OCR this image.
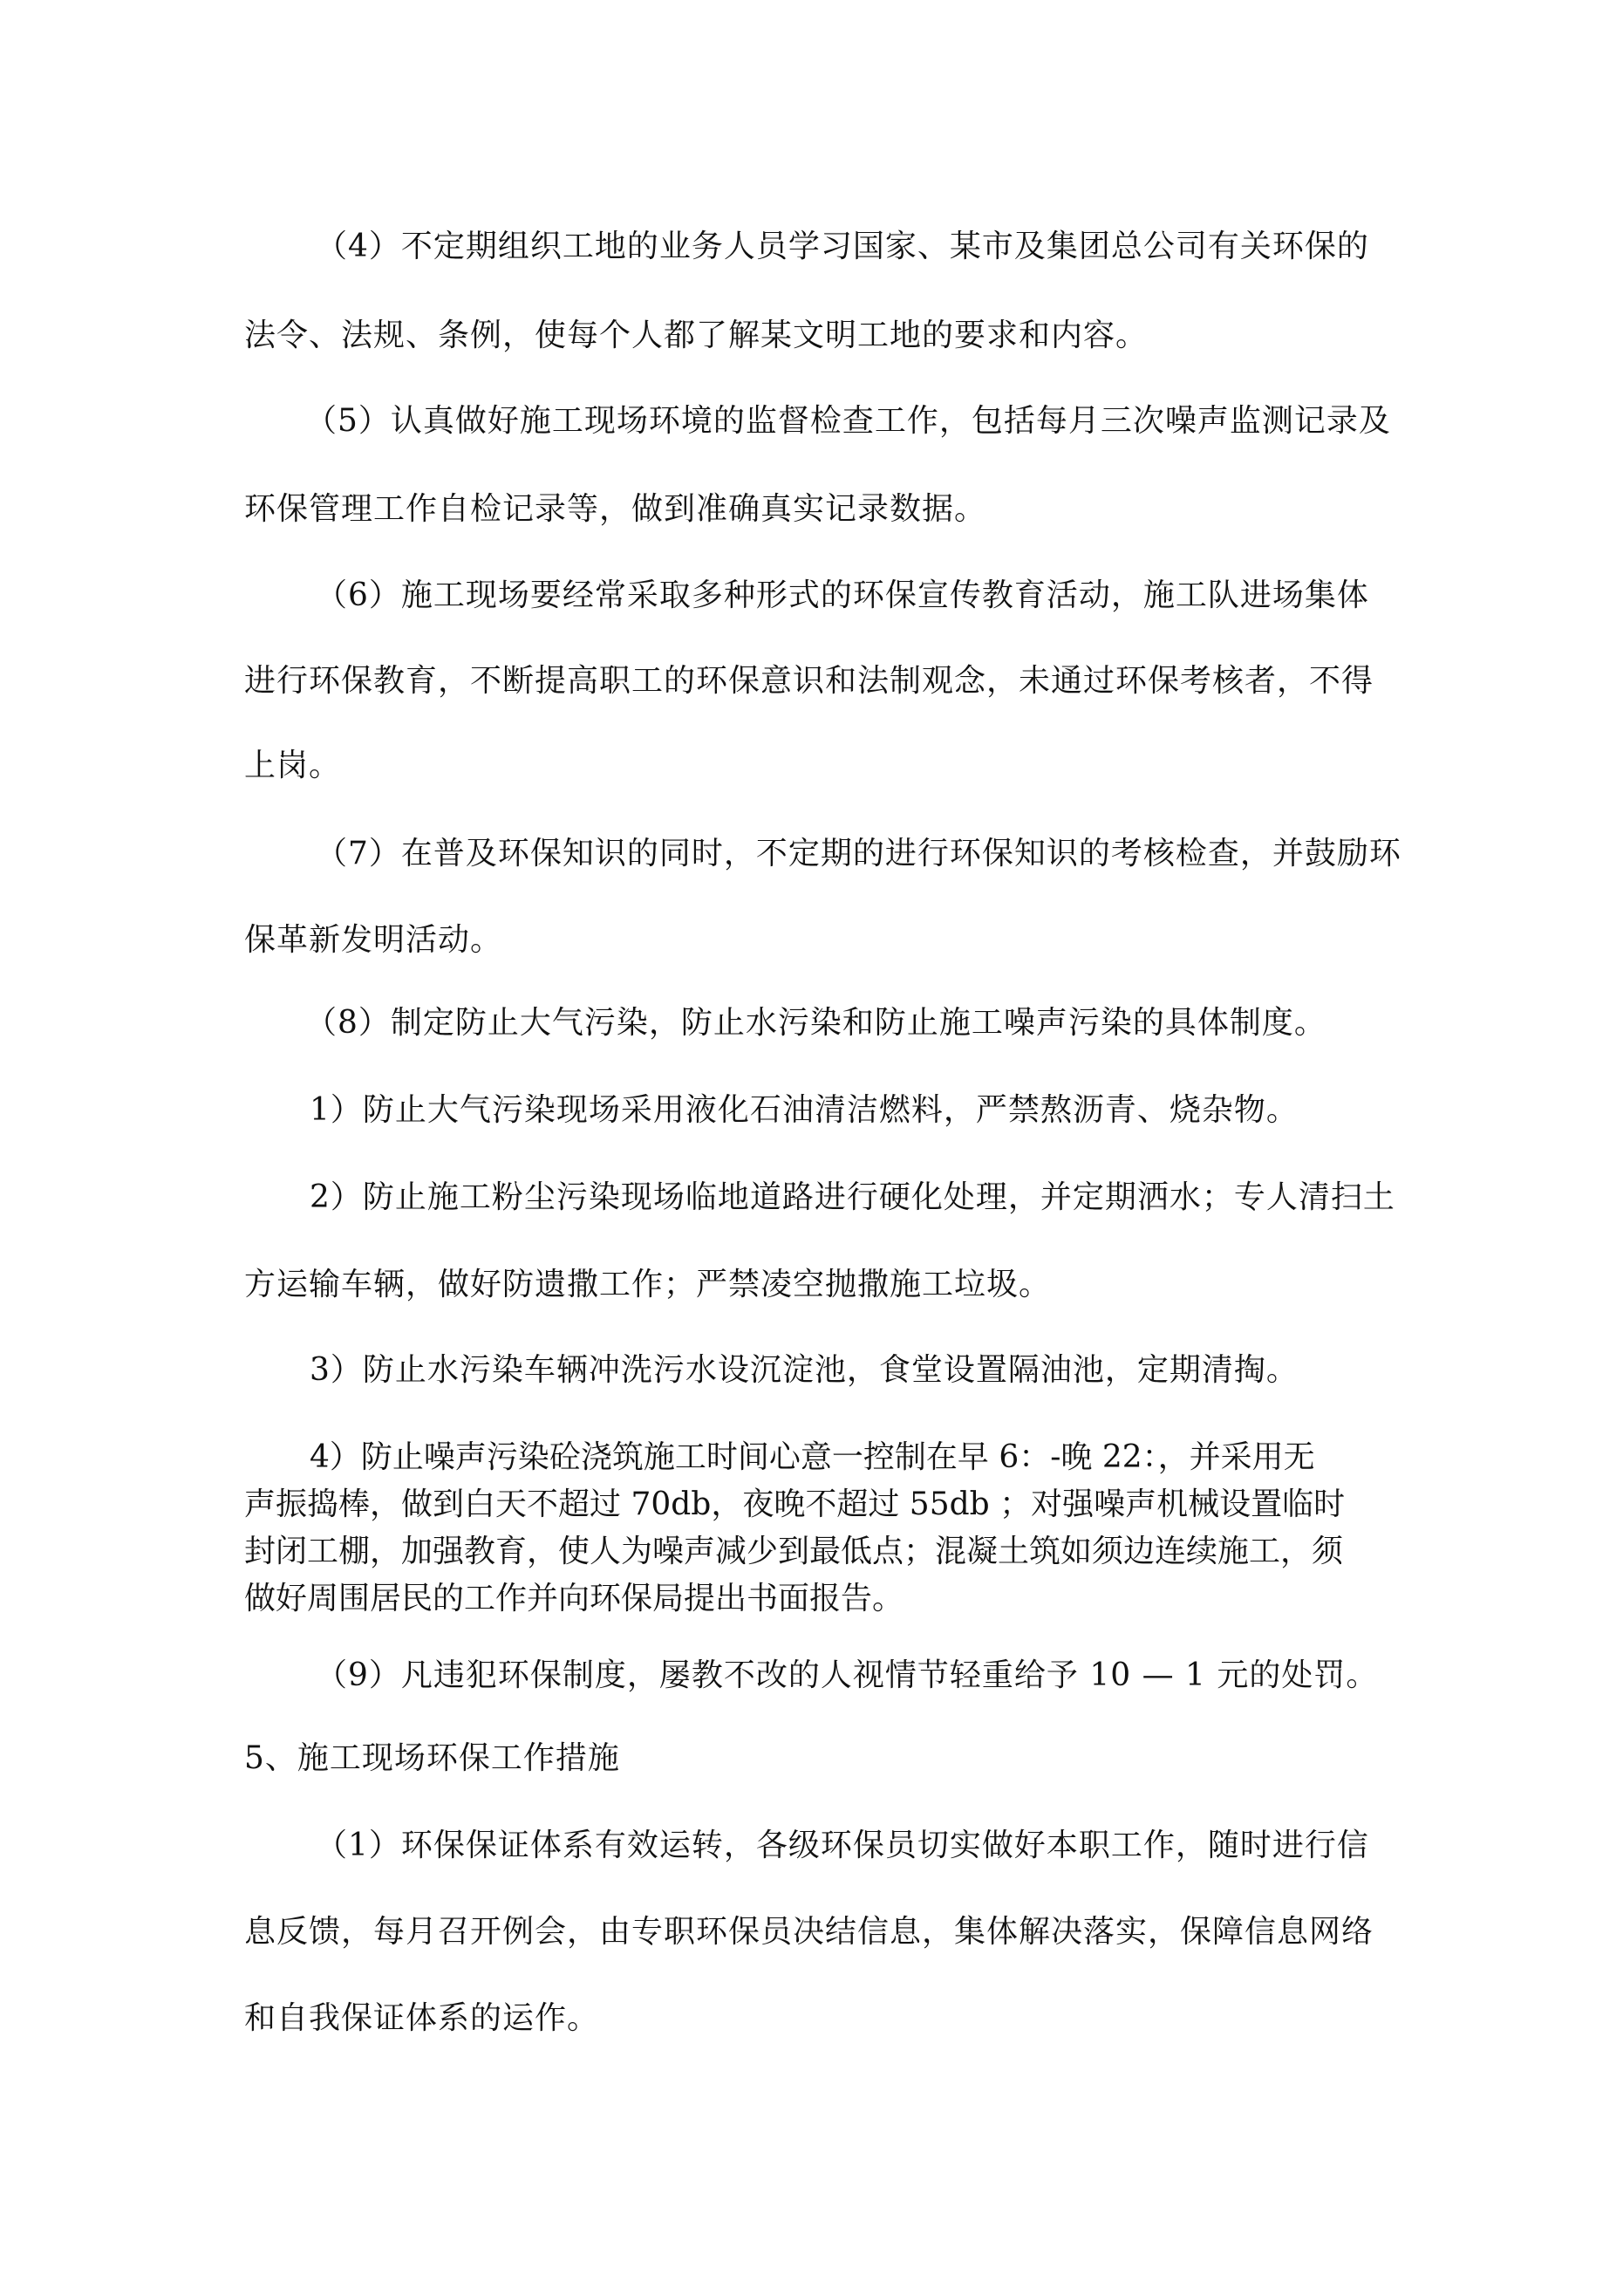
（4）不定期组织工地的业务人员学习国家、某市及集团总公司有关环保的
法令、法规、条例，使每个人都了解某文明工地的要求和内容。
（5）认真做好施工现场环境的监督检查工作，包括每月三次噪声监测记录及
环保管理工作自检记录等，做到准确真实记录数据。
（6）施工现场要经常采取多种形式的环保宣传教育活动，施工队进场集体
进行环保教育，不断提高职工的环保意识和法制观念，未通过环保考核者，不得
上岗。
（7）在普及环保知识的同时，不定期的进行环保知识的考核检查，并鼓励环
保革新发明活动。
（8）制定防止大气污染，防止水污染和防止施工噪声污染的具体制度。
1）防止大气污染现场采用液化石油清洁燃料，严禁熬沥青、烧杂物。
2）防止施工粉尘污染现场临地道路进行硬化处理，并定期洒水；专人清扫土
方运输车辆，做好防遗撒工作；严禁凌空抛撒施工垃圾。
3）防止水污染车辆冲洗污水设沉淀池，食堂设置隔油池，定期清掏。
4）防止噪声污染砼浇筑施工时间心意一控制在早 6：-晚 22：，并采用无
声振捣棒，做到白天不超过 70db，夜晚不超过 55db ；对强噪声机械设置临时
封闭工棚，加强教育，使人为噪声减少到最低点；混凝土筑如须边连续施工，须
做好周围居民的工作并向环保局提出书面报告。
（9）凡违犯环保制度，屡教不改的人视情节轻重给予 10 — 1 元的处罚。
5、施工现场环保工作措施
（1）环保保证体系有效运转，各级环保员切实做好本职工作，随时进行信
息反馈，每月召开例会，由专职环保员决结信息，集体解决落实，保障信息网络
和自我保证体系的运作。
